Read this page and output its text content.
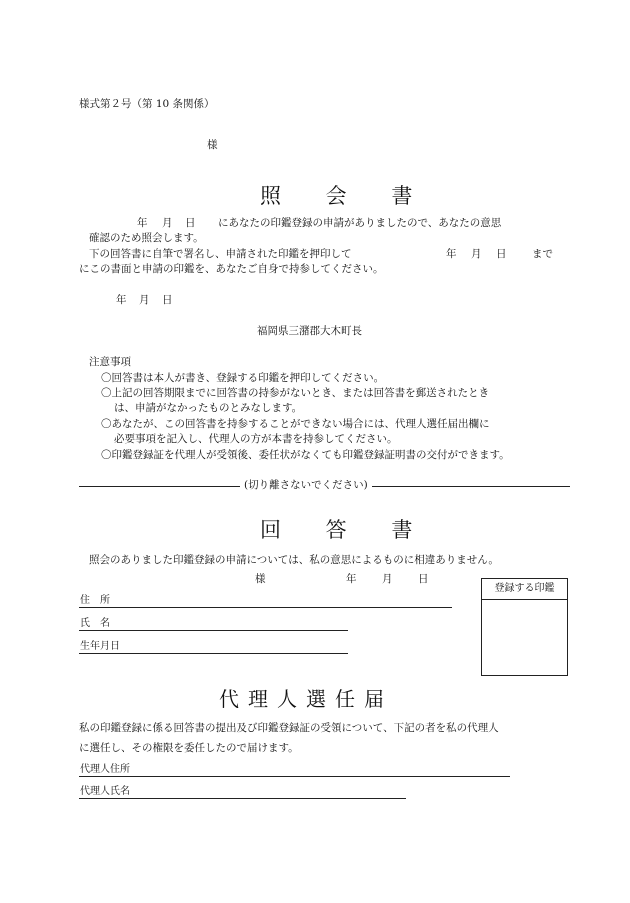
様式第２号（第 10 条関係）
様
照 会 書
年 月 日 にあなたの印鑑登録の申請がありましたので、あなたの意思
確認のため照会します。
下の回答書に自筆で署名し、申請された印鑑を押印して	年 月 日 まで
にこの書面と申請の印鑑を、あなたご自身で持参してください。
年 月 日
福岡県三潴郡大木町長
注意事項
〇回答書は本人が書き、登録する印鑑を押印してください。
〇上記の回答期限までに回答書の持参がないとき、または回答書を郵送されたとき
は、申請がなかったものとみなします。
〇あなたが、この回答書を持参することができない場合には、代理人選任届出欄に
必要事項を記入し、代理人の方が本書を持参してください。
〇印鑑登録証を代理人が受領後、委任状がなくても印鑑登録証明書の交付ができます。
(切り離さないでください)
回 答 書
照会のありました印鑑登録の申請については、私の意思によるものに相違ありません。
様	年 月 日
住　所
氏　名
生年月日
登録する印鑑
代理人選任届
私の印鑑登録に係る回答書の提出及び印鑑登録証の受領について、下記の者を私の代理人
に選任し、その権限を委任したので届けます。
代理人住所
代理人氏名
